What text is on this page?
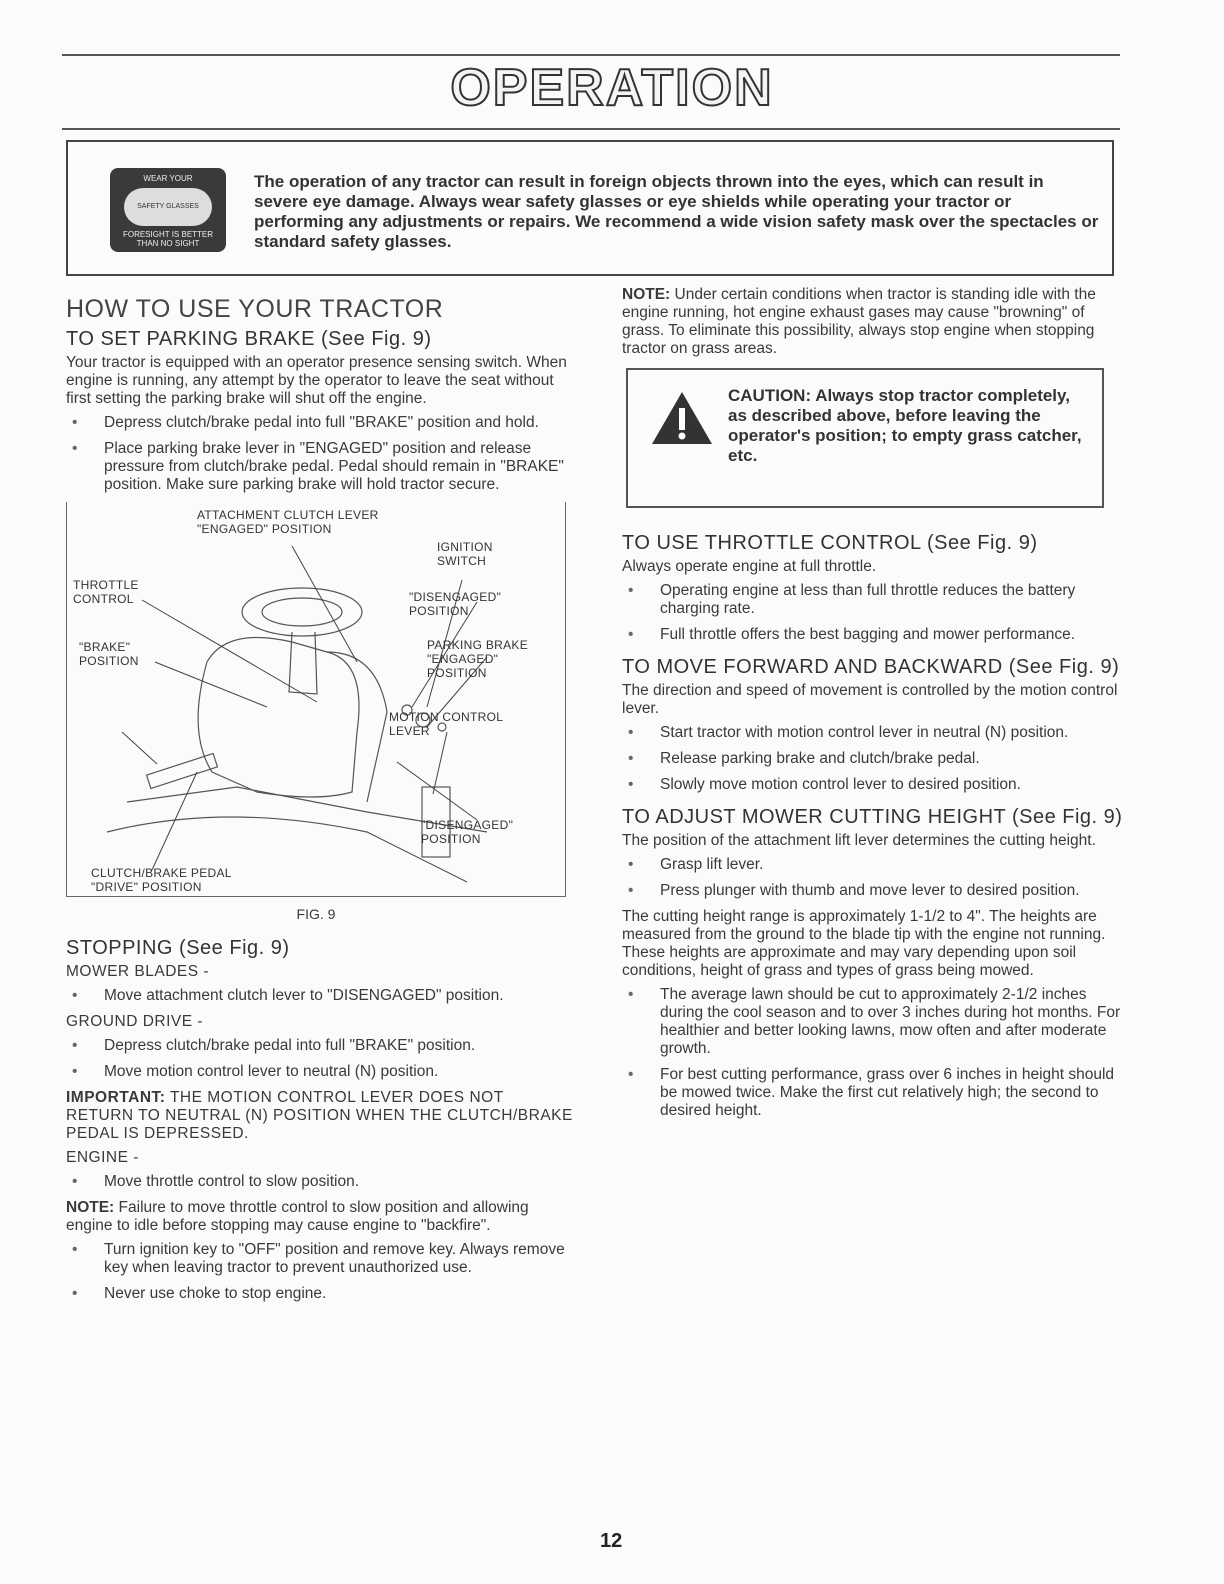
OPERATION
WEAR YOUR
SAFETY GLASSES
FORESIGHT IS BETTER THAN NO SIGHT
The operation of any tractor can result in foreign objects thrown into the eyes, which can result in severe eye damage. Always wear safety glasses or eye shields while operating your tractor or performing any adjustments or repairs. We recommend a wide vision safety mask over the spectacles or standard safety glasses.
HOW TO USE YOUR TRACTOR
TO SET PARKING BRAKE (See Fig. 9)

Your tractor is equipped with an operator presence sensing switch. When engine is running, any attempt by the operator to leave the seat without first setting the parking brake will shut off the engine.

• Depress clutch/brake pedal into full "BRAKE" position and hold.
• Place parking brake lever in "ENGAGED" position and release pressure from clutch/brake pedal. Pedal should remain in "BRAKE" position. Make sure parking brake will hold tractor secure.
ATTACHMENT CLUTCH LEVER
"ENGAGED" POSITION
IGNITION
SWITCH
THROTTLE
CONTROL	"DISENGAGED"
POSITION
"BRAKE"
POSITION
PARKING BRAKE
"ENGAGED"
POSITION
MOTION CONTROL
LEVER
"DISENGAGED"
POSITION
CLUTCH/BRAKE PEDAL
"DRIVE" POSITION
FIG. 9
STOPPING (See Fig. 9)

MOWER BLADES -

• Move attachment clutch lever to "DISENGAGED" position.

GROUND DRIVE -

• Depress clutch/brake pedal into full "BRAKE" position.
• Move motion control lever to neutral (N) position.

IMPORTANT: THE MOTION CONTROL LEVER DOES NOT RETURN TO NEUTRAL (N) POSITION WHEN THE CLUTCH/BRAKE PEDAL IS DEPRESSED.

ENGINE -

• Move throttle control to slow position.

NOTE: Failure to move throttle control to slow position and allowing engine to idle before stopping may cause engine to "backfire".

• Turn ignition key to "OFF" position and remove key. Always remove key when leaving tractor to prevent unauthorized use.
• Never use choke to stop engine.

NOTE: Under certain conditions when tractor is standing idle with the engine running, hot engine exhaust gases may cause "browning" of grass. To eliminate this possibility, always stop engine when stopping tractor on grass areas.

CAUTION: Always stop tractor completely, as described above, before leaving the operator's position; to empty grass catcher, etc.
TO USE THROTTLE CONTROL (See Fig. 9)

Always operate engine at full throttle.

• Operating engine at less than full throttle reduces the battery charging rate.
• Full throttle offers the best bagging and mower performance.
TO MOVE FORWARD AND BACKWARD (See Fig. 9)

The direction and speed of movement is controlled by the motion control lever.

• Start tractor with motion control lever in neutral (N) position.
• Release parking brake and clutch/brake pedal.
• Slowly move motion control lever to desired position.
TO ADJUST MOWER CUTTING HEIGHT (See Fig. 9)

The position of the attachment lift lever determines the cutting height.

• Grasp lift lever.
• Press plunger with thumb and move lever to desired position.

The cutting height range is approximately 1-1/2 to 4". The heights are measured from the ground to the blade tip with the engine not running. These heights are approximate and may vary depending upon soil conditions, height of grass and types of grass being mowed.

• The average lawn should be cut to approximately 2-1/2 inches during the cool season and to over 3 inches during hot months. For healthier and better looking lawns, mow often and after moderate growth.
• For best cutting performance, grass over 6 inches in height should be mowed twice. Make the first cut relatively high; the second to desired height.
12
